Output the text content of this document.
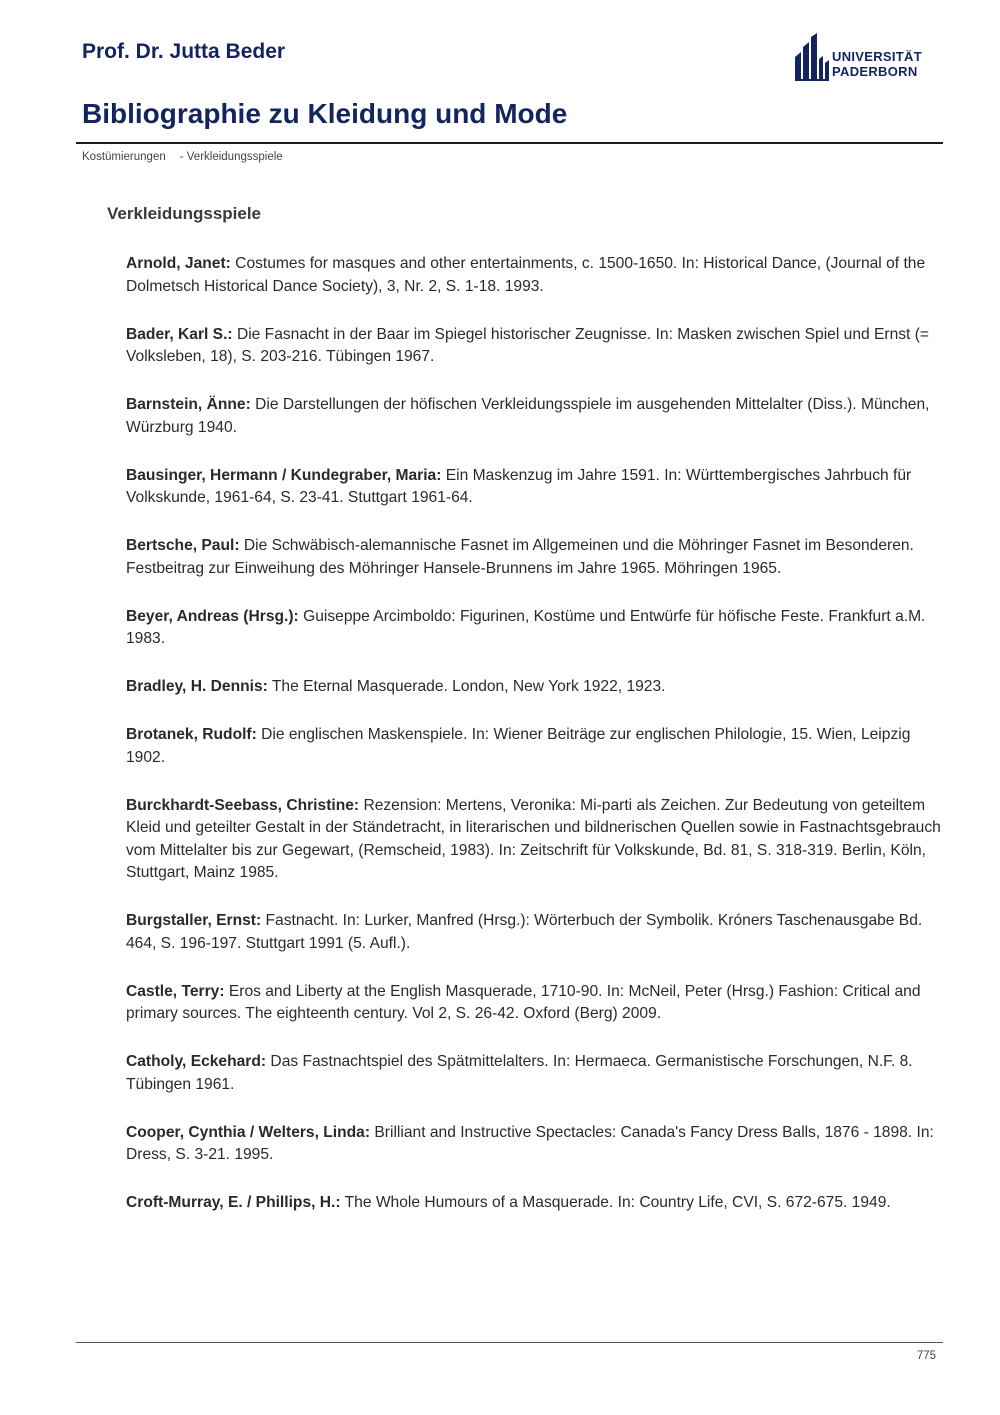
Prof. Dr. Jutta Beder	UNIVERSITÄT
PADERBORN
Bibliographie zu Kleidung und Mode
Kostümierungen - Verkleidungsspiele
Verkleidungsspiele

Arnold, Janet: Costumes for masques and other entertainments, c. 1500-1650. In: Historical Dance, (Journal of the Dolmetsch Historical Dance Society), 3, Nr. 2, S. 1-18. 1993.

Bader, Karl S.: Die Fasnacht in der Baar im Spiegel historischer Zeugnisse. In: Masken zwischen Spiel und Ernst (= Volksleben, 18), S. 203-216. Tübingen 1967.

Barnstein, Änne: Die Darstellungen der höfischen Verkleidungsspiele im ausgehenden Mittelalter (Diss.). München, Würzburg 1940.

Bausinger, Hermann / Kundegraber, Maria: Ein Maskenzug im Jahre 1591. In: Württembergisches Jahrbuch für Volkskunde, 1961-64, S. 23-41. Stuttgart 1961-64.

Bertsche, Paul: Die Schwäbisch-alemannische Fasnet im Allgemeinen und die Möhringer Fasnet im Besonderen. Festbeitrag zur Einweihung des Möhringer Hansele-Brunnens im Jahre 1965. Möhringen 1965.

Beyer, Andreas (Hrsg.): Guiseppe Arcimboldo: Figurinen, Kostüme und Entwürfe für höfische Feste. Frankfurt a.M. 1983.

Bradley, H. Dennis: The Eternal Masquerade. London, New York 1922, 1923.

Brotanek, Rudolf: Die englischen Maskenspiele. In: Wiener Beiträge zur englischen Philologie, 15. Wien, Leipzig 1902.

Burckhardt-Seebass, Christine: Rezension: Mertens, Veronika: Mi-parti als Zeichen. Zur Bedeutung von geteiltem Kleid und geteilter Gestalt in der Ständetracht, in literarischen und bildnerischen Quellen sowie in Fastnachtsgebrauch vom Mittelalter bis zur Gegewart, (Remscheid, 1983). In: Zeitschrift für Volkskunde, Bd. 81, S. 318-319. Berlin, Köln, Stuttgart, Mainz 1985.

Burgstaller, Ernst: Fastnacht. In: Lurker, Manfred (Hrsg.): Wörterbuch der Symbolik. Króners Taschenausgabe Bd. 464, S. 196-197. Stuttgart 1991 (5. Aufl.).

Castle, Terry: Eros and Liberty at the English Masquerade, 1710-90. In: McNeil, Peter (Hrsg.) Fashion: Critical and primary sources. The eighteenth century. Vol 2, S. 26-42. Oxford (Berg) 2009.

Catholy, Eckehard: Das Fastnachtspiel des Spätmittelalters. In: Hermaeca. Germanistische Forschungen, N.F. 8. Tübingen 1961.

Cooper, Cynthia / Welters, Linda: Brilliant and Instructive Spectacles: Canada's Fancy Dress Balls, 1876 - 1898. In: Dress, S. 3-21. 1995.

Croft-Murray, E. / Phillips, H.: The Whole Humours of a Masquerade. In: Country Life, CVI, S. 672-675. 1949.

775
